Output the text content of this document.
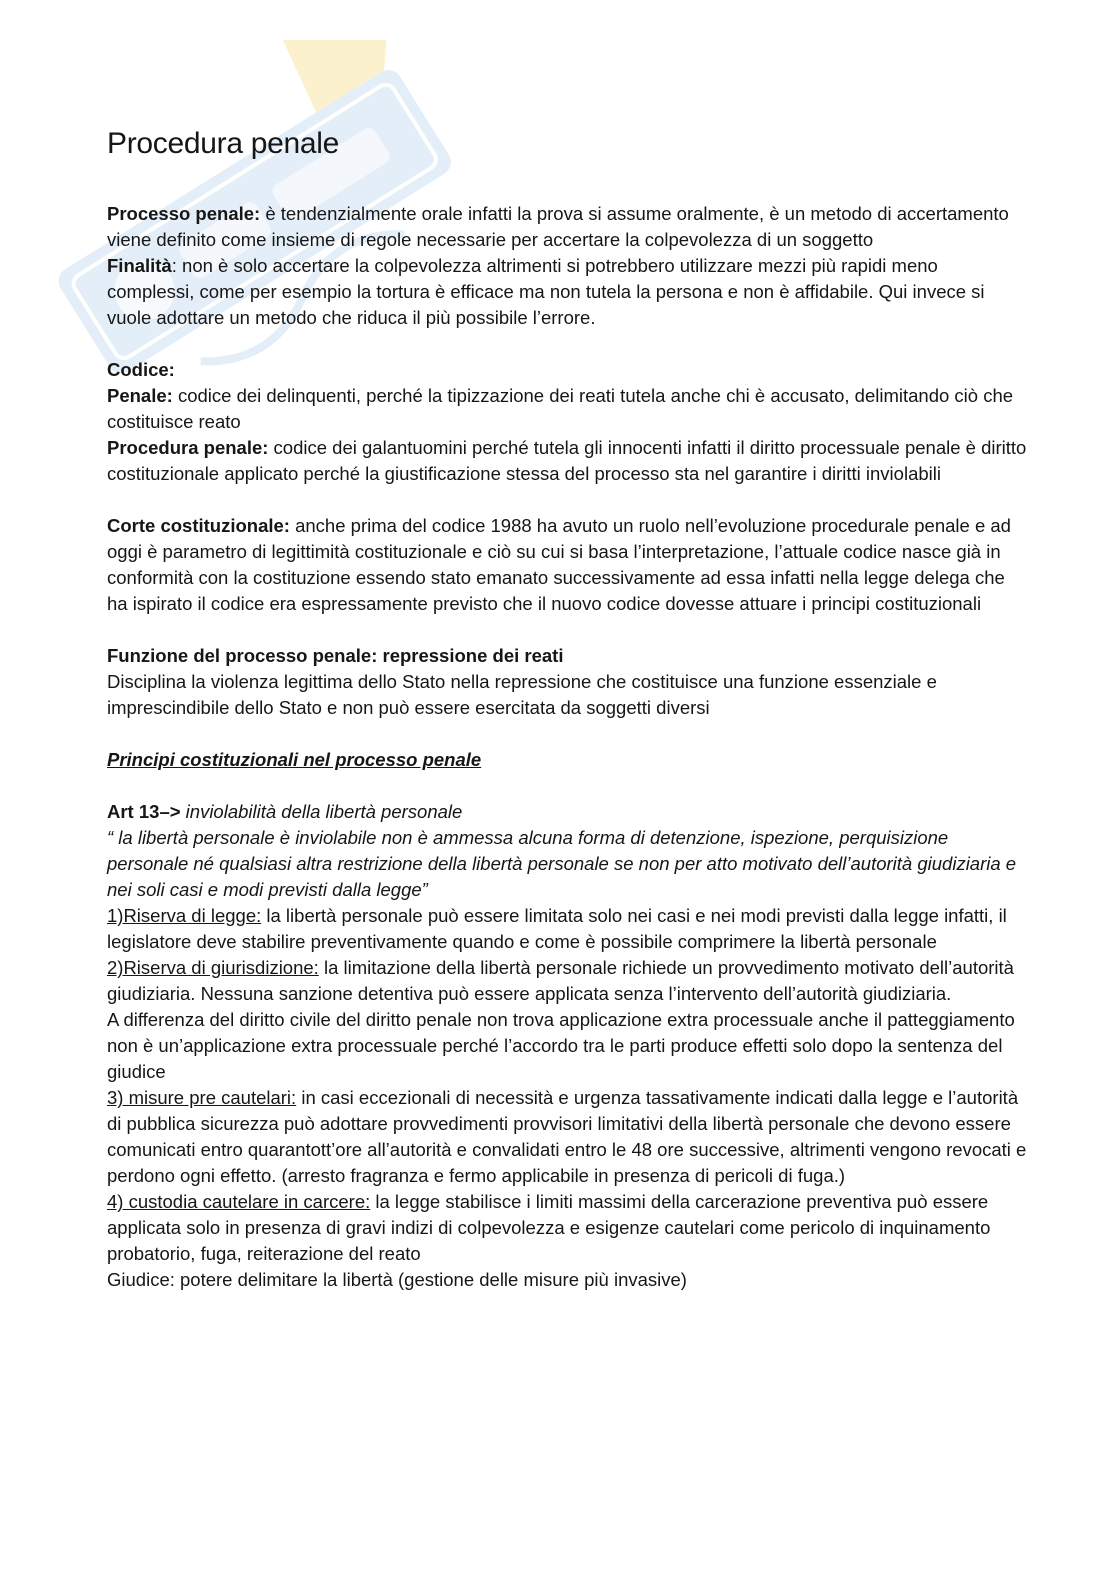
Procedura penale

Processo penale: è tendenzialmente orale infatti la prova si assume oralmente, è un metodo di accertamento viene definito come insieme di regole necessarie per accertare la colpevolezza di un soggetto

Finalità: non è solo accertare la colpevolezza altrimenti si potrebbero utilizzare mezzi più rapidi meno complessi, come per esempio la tortura è efficace ma non tutela la persona e non è affidabile. Qui invece si vuole adottare un metodo che riduca il più possibile l’errore.

Codice:

Penale: codice dei delinquenti, perché la tipizzazione dei reati tutela anche chi è accusato, delimitando ciò che costituisce reato

Procedura penale: codice dei galantuomini perché tutela gli innocenti infatti il diritto processuale penale è diritto costituzionale applicato perché la giustificazione stessa del processo sta nel garantire i diritti inviolabili

Corte costituzionale: anche prima del codice 1988 ha avuto un ruolo nell’evoluzione procedurale penale e ad oggi è parametro di legittimità costituzionale e ciò su cui si basa l’interpretazione, l’attuale codice nasce già in conformità con la costituzione essendo stato emanato successivamente ad essa infatti nella legge delega che ha ispirato il codice era espressamente previsto che il nuovo codice dovesse attuare i principi costituzionali

Funzione del processo penale: repressione dei reati

Disciplina la violenza legittima dello Stato nella repressione che costituisce una funzione essenziale e imprescindibile dello Stato e non può essere esercitata da soggetti diversi

Principi costituzionali nel processo penale

Art 13–> inviolabilità della libertà personale

“ la libertà personale è inviolabile non è ammessa alcuna forma di detenzione, ispezione, perquisizione personale né qualsiasi altra restrizione della libertà personale se non per atto motivato dell’autorità giudiziaria e nei soli casi e modi previsti dalla legge”

1)Riserva di legge: la libertà personale può essere limitata solo nei casi e nei modi previsti dalla legge infatti, il legislatore deve stabilire preventivamente quando e come è possibile comprimere la libertà personale

2)Riserva di giurisdizione: la limitazione della libertà personale richiede un provvedimento motivato dell’autorità giudiziaria. Nessuna sanzione detentiva può essere applicata senza l’intervento dell’autorità giudiziaria.

A differenza del diritto civile del diritto penale non trova applicazione extra processuale anche il patteggiamento non è un’applicazione extra processuale perché l’accordo tra le parti produce effetti solo dopo la sentenza del giudice

3) misure pre cautelari: in casi eccezionali di necessità e urgenza tassativamente indicati dalla legge e l’autorità di pubblica sicurezza può adottare provvedimenti provvisori limitativi della libertà personale che devono essere comunicati entro quarantott’ore all’autorità e convalidati entro le 48 ore successive, altrimenti vengono revocati e perdono ogni effetto. (arresto fragranza e fermo applicabile in presenza di pericoli di fuga.)

4) custodia cautelare in carcere: la legge stabilisce i limiti massimi della carcerazione preventiva può essere applicata solo in presenza di gravi indizi di colpevolezza e esigenze cautelari come pericolo di inquinamento probatorio, fuga, reiterazione del reato

Giudice: potere delimitare la libertà (gestione delle misure più invasive)
